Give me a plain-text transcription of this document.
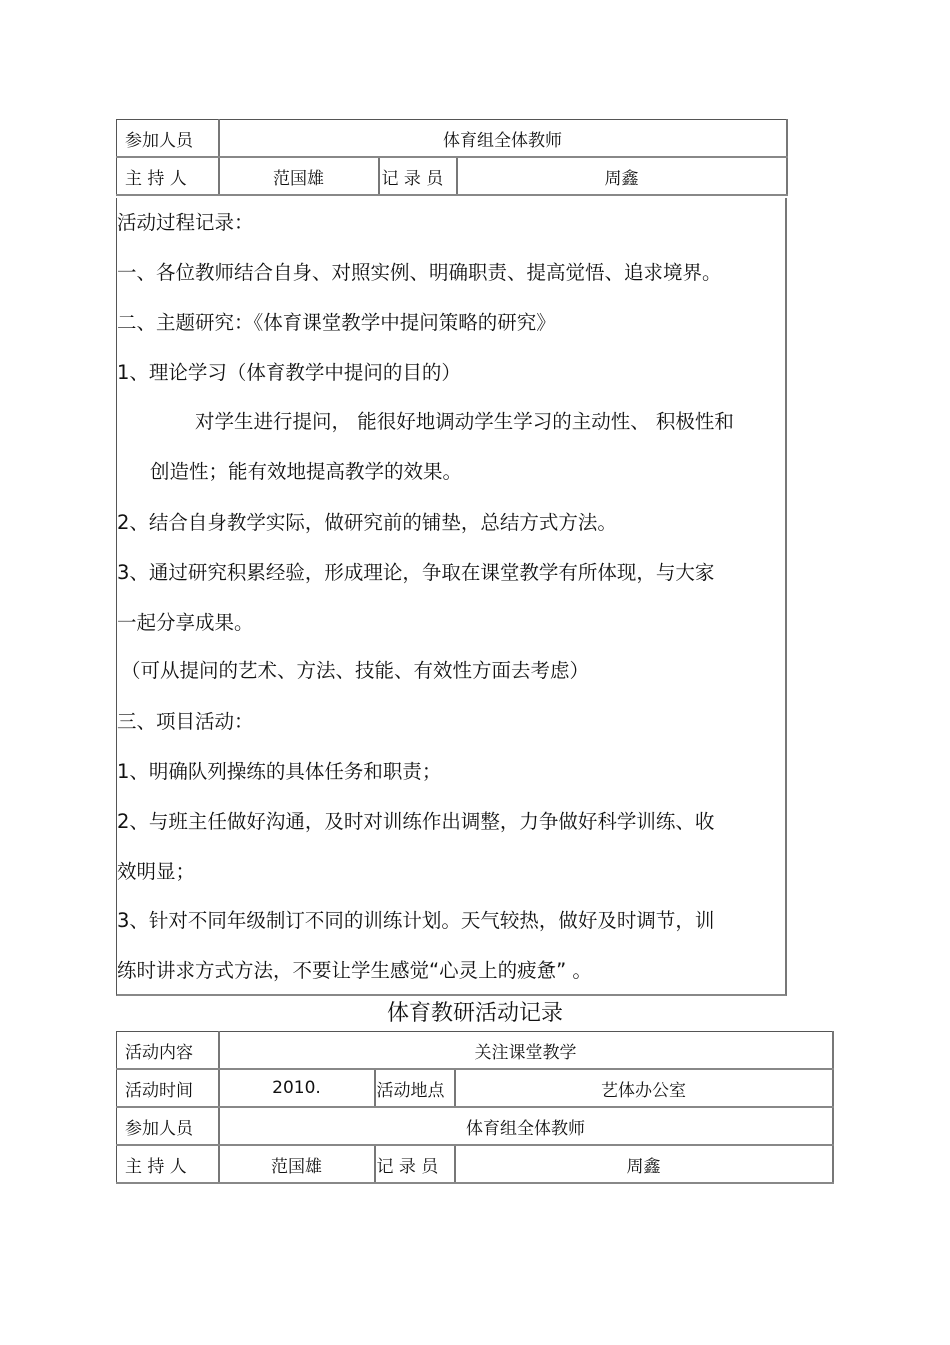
参加人员	体育组全体教师		
主 持 人	范国雄	记 录 员	周鑫
活动过程记录：
一、各位教师结合自身、对照实例、明确职责、提高觉悟、追求境界。
二、主题研究：《体育课堂教学中提问策略的研究》
1、理论学习（体育教学中提问的目的）
对学生进行提问， 能很好地调动学生学习的主动性、 积极性和
创造性；能有效地提高教学的效果。
2、结合自身教学实际，做研究前的铺垫，总结方式方法。
3、通过研究积累经验，形成理论，争取在课堂教学有所体现，与大家
一起分享成果。
（可从提问的艺术、方法、技能、有效性方面去考虑）
三、项目活动：
1、明确队列操练的具体任务和职责；
2、与班主任做好沟通，及时对训练作出调整，力争做好科学训练、收
效明显；
3、针对不同年级制订不同的训练计划。天气较热，做好及时调节，训
练时讲求方式方法，不要让学生感觉“心灵上的疲惫” 。
体育教研活动记录
活动内容	关注课堂教学		
活动时间	2010.	活动地点	艺体办公室
参加人员	体育组全体教师		
主 持 人	范国雄	记 录 员	周鑫
